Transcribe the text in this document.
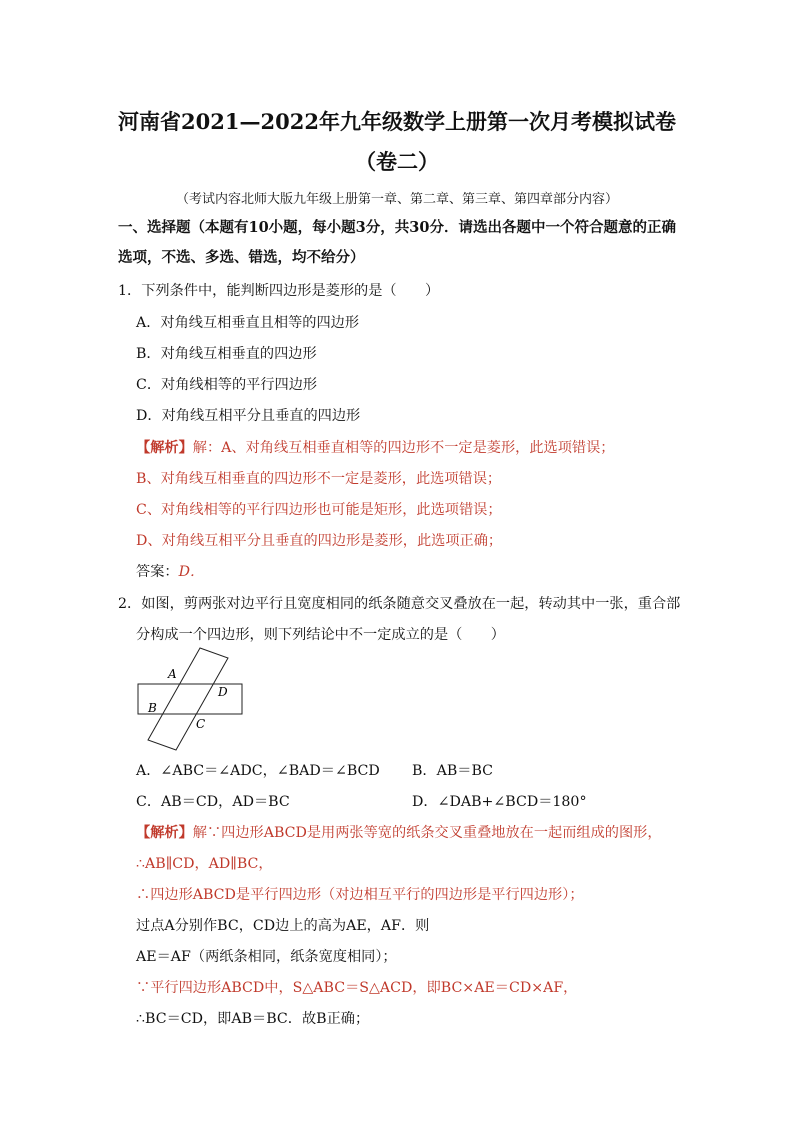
河南省2021—2022年九年级数学上册第一次月考模拟试卷
（卷二）
（考试内容北师大版九年级上册第一章、第二章、第三章、第四章部分内容）
一、选择题（本题有10小题，每小题3分，共30分．请选出各题中一个符合题意的正确
选项，不选、多选、错选，均不给分）
1．下列条件中，能判断四边形是菱形的是（　　）
A．对角线互相垂直且相等的四边形
B．对角线互相垂直的四边形
C．对角线相等的平行四边形
D．对角线互相平分且垂直的四边形
【解析】解：A、对角线互相垂直相等的四边形不一定是菱形，此选项错误；
B、对角线互相垂直的四边形不一定是菱形，此选项错误；
C、对角线相等的平行四边形也可能是矩形，此选项错误；
D、对角线互相平分且垂直的四边形是菱形，此选项正确；
答案：D．
2．如图，剪两张对边平行且宽度相同的纸条随意交叉叠放在一起，转动其中一张，重合部
分构成一个四边形，则下列结论中不一定成立的是（　　）
A
B
C
D
A．∠ABC＝∠ADC，∠BAD＝∠BCD B．AB＝BC
C．AB＝CD，AD＝BC	D．∠DAB+∠BCD＝180°
【解析】解∵四边形ABCD是用两张等宽的纸条交叉重叠地放在一起而组成的图形，
∴AB∥CD，AD∥BC，
∴四边形ABCD是平行四边形（对边相互平行的四边形是平行四边形）；
过点A分别作BC，CD边上的高为AE，AF．则
AE＝AF（两纸条相同，纸条宽度相同）；
∵平行四边形ABCD中，S△ABC＝S△ACD，即BC×AE＝CD×AF，
∴BC＝CD，即AB＝BC．故B正确；
